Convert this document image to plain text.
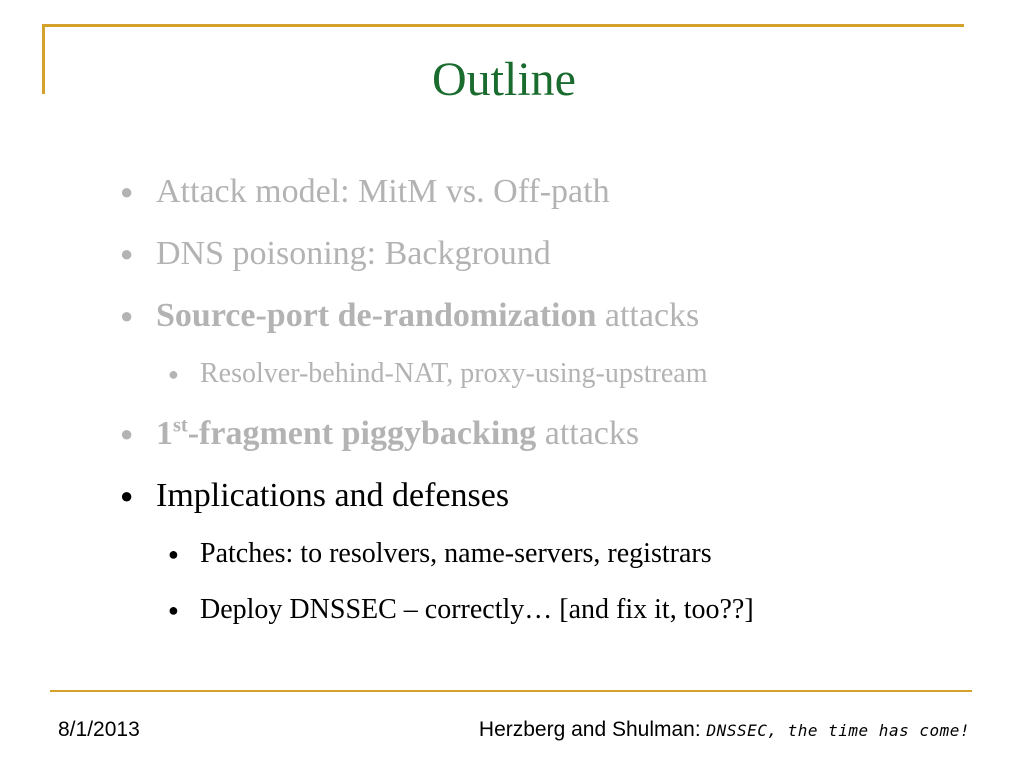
Outline
● Attack model: MitM vs. Off-path
● DNS poisoning: Background
● Source-port de-randomization attacks
● Resolver-behind-NAT, proxy-using-upstream
● 1st-fragment piggybacking attacks
● Implications and defenses
● Patches: to resolvers, name-servers, registrars
● Deploy DNSSEC – correctly… [and fix it, too??]
8/1/2013	Herzberg and Shulman: DNSSEC, the time has come!
